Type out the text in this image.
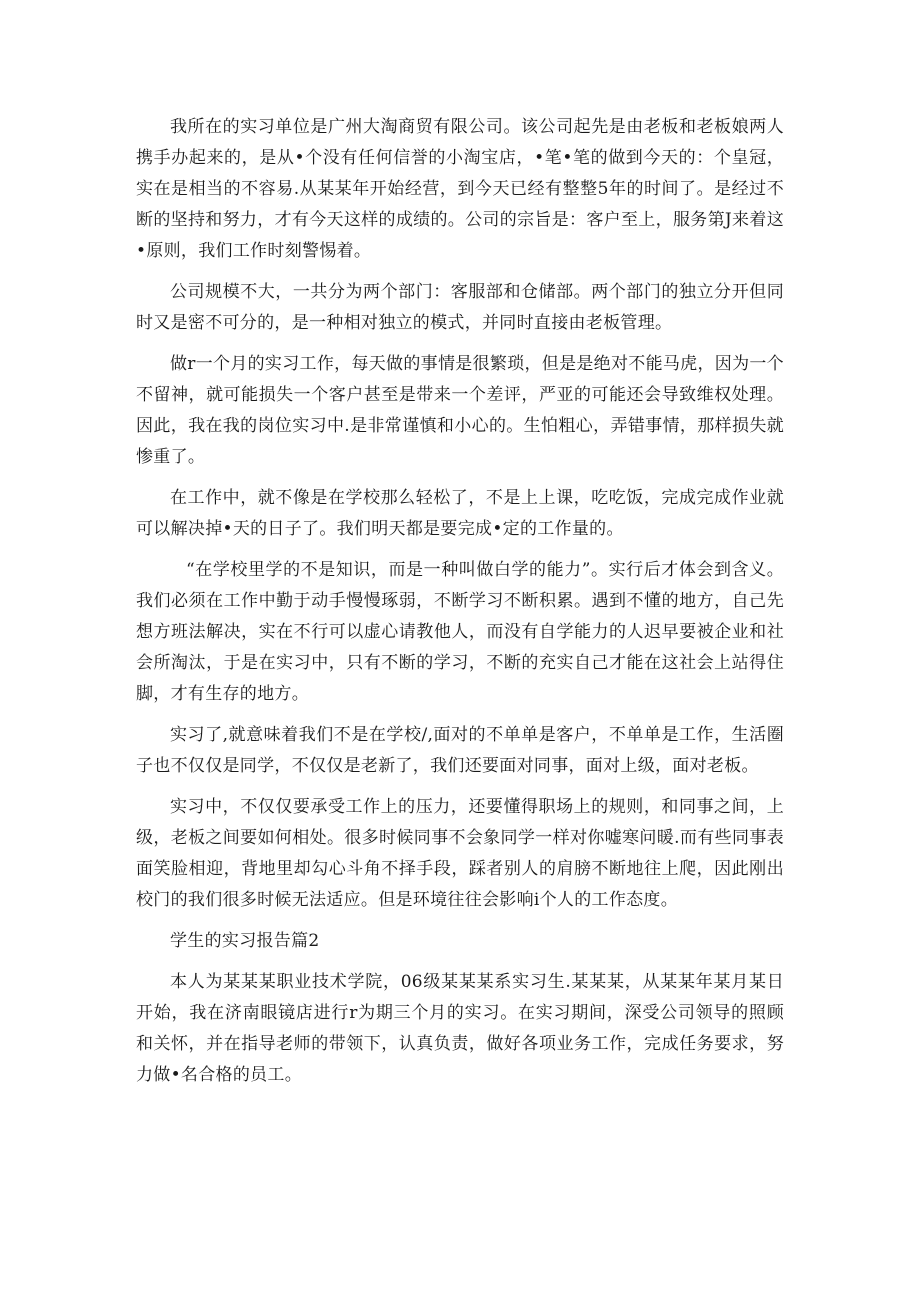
我所在的实习单位是广州大淘商贸有限公司。该公司起先是由老板和老板娘两人携手办起来的，是从•个没有任何信誉的小淘宝店，•笔•笔的做到今天的：个皇冠，实在是相当的不容易.从某某年开始经营，到今天已经有整整5年的时间了。是经过不断的坚持和努力，才有今天这样的成绩的。公司的宗旨是：客户至上，服务第J来着这•原则，我们工作时刻警惕着。

公司规模不大，一共分为两个部门：客服部和仓储部。两个部门的独立分开但同时又是密不可分的，是一种相对独立的模式，并同时直接由老板管理。

做r一个月的实习工作，每天做的事情是很繁琐，但是是绝对不能马虎，因为一个不留神，就可能损失一个客户甚至是带来一个差评，严亚的可能还会导致维权处理。因此，我在我的岗位实习中.是非常谨慎和小心的。生怕粗心，弄错事情，那样损失就惨重了。

在工作中，就不像是在学校那么轻松了，不是上上课，吃吃饭，完成完成作业就可以解决掉•天的日子了。我们明天都是要完成•定的工作量的。

“在学校里学的不是知识，而是一种叫做白学的能力”。实行后才体会到含义。我们必须在工作中勤于动手慢慢琢弱，不断学习不断积累。遇到不懂的地方，自己先想方班法解决，实在不行可以虚心请教他人，而没有自学能力的人迟早要被企业和社会所淘汰，于是在实习中，只有不断的学习，不断的充实自己才能在这社会上站得住脚，才有生存的地方。

实习了,就意味着我们不是在学校/,面对的不单单是客户，不单单是工作，生活圈子也不仅仅是同学，不仅仅是老新了，我们还要面对同事，面对上级，面对老板。

实习中，不仅仅要承受工作上的压力，还要懂得职场上的规则，和同事之间，上级，老板之间要如何相处。很多时候同事不会象同学一样对你嘘寒问暖.而有些同事表面笑脸相迎，背地里却勾心斗角不择手段，踩者别人的肩膀不断地往上爬，因此刚出校门的我们很多时候无法适应。但是环境往往会影响i个人的工作态度。

学生的实习报告篇2

本人为某某某职业技术学院，06级某某某系实习生.某某某，从某某年某月某日开始，我在济南眼镜店进行r为期三个月的实习。在实习期间，深受公司领导的照顾和关怀，并在指导老师的带领下，认真负责，做好各项业务工作，完成任务要求，努力做•名合格的员工。
